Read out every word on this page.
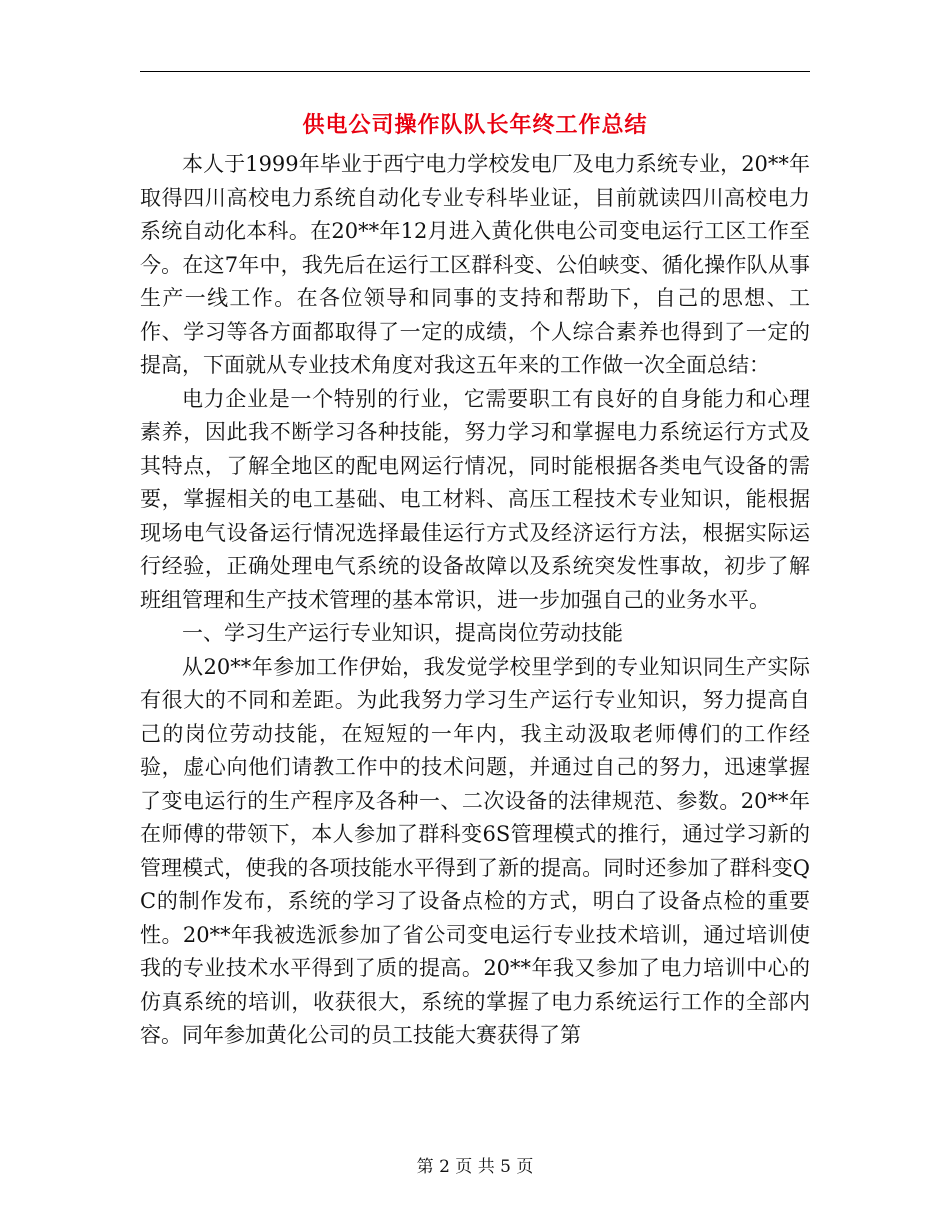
供电公司操作队队长年终工作总结

本人于1999年毕业于西宁电力学校发电厂及电力系统专业，20**年取得四川高校电力系统自动化专业专科毕业证，目前就读四川高校电力系统自动化本科。在20**年12月进入黄化供电公司变电运行工区工作至今。在这7年中，我先后在运行工区群科变、公伯峡变、循化操作队从事生产一线工作。在各位领导和同事的支持和帮助下，自己的思想、工作、学习等各方面都取得了一定的成绩，个人综合素养也得到了一定的提高，下面就从专业技术角度对我这五年来的工作做一次全面总结：

电力企业是一个特别的行业，它需要职工有良好的自身能力和心理素养，因此我不断学习各种技能，努力学习和掌握电力系统运行方式及其特点，了解全地区的配电网运行情况，同时能根据各类电气设备的需要，掌握相关的电工基础、电工材料、高压工程技术专业知识，能根据现场电气设备运行情况选择最佳运行方式及经济运行方法，根据实际运行经验，正确处理电气系统的设备故障以及系统突发性事故，初步了解班组管理和生产技术管理的基本常识，进一步加强自己的业务水平。

一、学习生产运行专业知识，提高岗位劳动技能

从20**年参加工作伊始，我发觉学校里学到的专业知识同生产实际有很大的不同和差距。为此我努力学习生产运行专业知识，努力提高自己的岗位劳动技能，在短短的一年内，我主动汲取老师傅们的工作经验，虚心向他们请教工作中的技术问题，并通过自己的努力，迅速掌握了变电运行的生产程序及各种一、二次设备的法律规范、参数。20**年在师傅的带领下，本人参加了群科变6S管理模式的推行，通过学习新的管理模式，使我的各项技能水平得到了新的提高。同时还参加了群科变QC的制作发布，系统的学习了设备点检的方式，明白了设备点检的重要性。20**年我被选派参加了省公司变电运行专业技术培训，通过培训使我的专业技术水平得到了质的提高。20**年我又参加了电力培训中心的仿真系统的培训，收获很大，系统的掌握了电力系统运行工作的全部内容。同年参加黄化公司的员工技能大赛获得了第

第 2 页 共 5 页
